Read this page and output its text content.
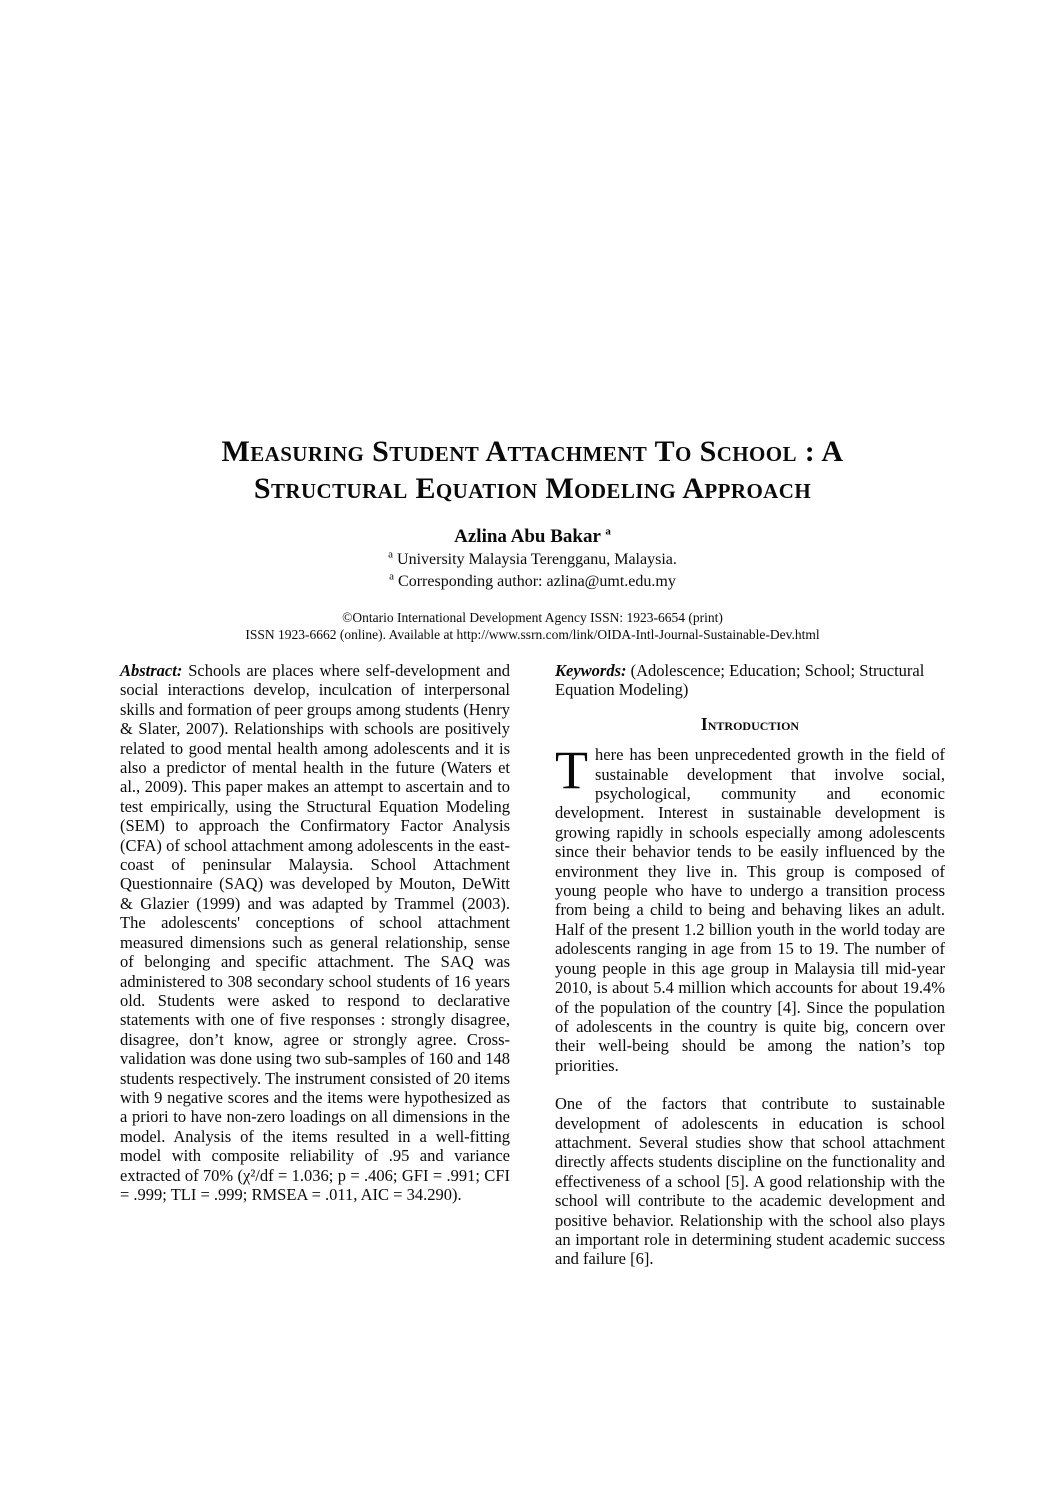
Measuring Student Attachment To School : A
Structural Equation Modeling Approach
Azlina Abu Bakar $^a$
$^a$ University Malaysia Terengganu, Malaysia.
$^a$ Corresponding author: azlina@umt.edu.my
©Ontario International Development Agency ISSN: 1923-6654 (print)
ISSN 1923-6662 (online). Available at http://www.ssrn.com/link/OIDA-Intl-Journal-Sustainable-Dev.html

Abstract: Schools are places where self-development and social interactions develop, inculcation of interpersonal skills and formation of peer groups among students (Henry & Slater, 2007). Relationships with schools are positively related to good mental health among adolescents and it is also a predictor of mental health in the future (Waters et al., 2009). This paper makes an attempt to ascertain and to test empirically, using the Structural Equation Modeling (SEM) to approach the Confirmatory Factor Analysis (CFA) of school attachment among adolescents in the east-coast of peninsular Malaysia. School Attachment Questionnaire (SAQ) was developed by Mouton, DeWitt & Glazier (1999) and was adapted by Trammel (2003). The adolescents' conceptions of school attachment measured dimensions such as general relationship, sense of belonging and specific attachment. The SAQ was administered to 308 secondary school students of 16 years old. Students were asked to respond to declarative statements with one of five responses : strongly disagree, disagree, don’t know, agree or strongly agree. Cross-validation was done using two sub-samples of 160 and 148 students respectively. The instrument consisted of 20 items with 9 negative scores and the items were hypothesized as a priori to have non-zero loadings on all dimensions in the model. Analysis of the items resulted in a well-fitting model with composite reliability of .95 and variance extracted of 70% (χ²/df = 1.036; p = .406; GFI = .991; CFI = .999; TLI = .999; RMSEA = .011, AIC = 34.290).

Keywords: (Adolescence; Education; School; Structural Equation Modeling)

Introduction

There has been unprecedented growth in the field of sustainable development that involve social, psychological, community and economic development. Interest in sustainable development is growing rapidly in schools especially among adolescents since their behavior tends to be easily influenced by the environment they live in. This group is composed of young people who have to undergo a transition process from being a child to being and behaving likes an adult. Half of the present 1.2 billion youth in the world today are adolescents ranging in age from 15 to 19. The number of young people in this age group in Malaysia till mid-year 2010, is about 5.4 million which accounts for about 19.4% of the population of the country [4]. Since the population of adolescents in the country is quite big, concern over their well-being should be among the nation’s top priorities.

One of the factors that contribute to sustainable development of adolescents in education is school attachment. Several studies show that school attachment directly affects students discipline on the functionality and effectiveness of a school [5]. A good relationship with the school will contribute to the academic development and positive behavior. Relationship with the school also plays an important role in determining student academic success and failure [6].
